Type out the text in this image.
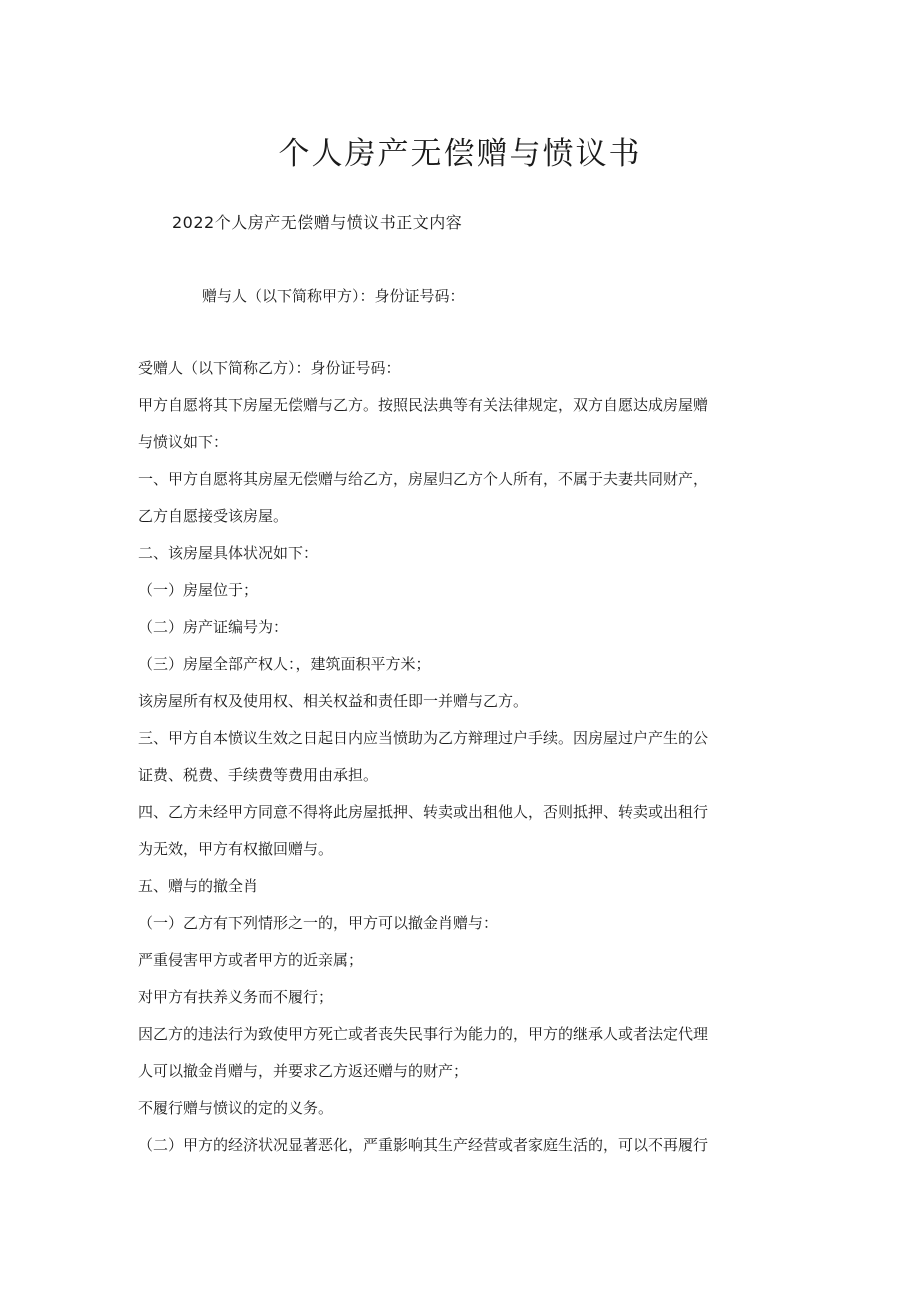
个人房产无偿赠与愤议书
2022个人房产无偿赠与愤议书正文内容
赠与人（以下简称甲方）：身份证号码：

受赠人（以下简称乙方）：身份证号码：

甲方自愿将其下房屋无偿赠与乙方。按照民法典等有关法律规定，双方自愿达成房屋赠

与愤议如下：

一、甲方自愿将其房屋无偿赠与给乙方，房屋归乙方个人所有，不属于夫妻共同财产，

乙方自愿接受该房屋。

二、该房屋具体状况如下：

（一）房屋位于；

（二）房产证编号为：

（三）房屋全部产权人：，建筑面积平方米；

该房屋所有权及使用权、相关权益和责任即一并赠与乙方。

三、甲方自本愤议生效之日起日内应当愤助为乙方辩理过户手续。因房屋过户产生的公

证费、税费、手续费等费用由承担。

四、乙方未经甲方同意不得将此房屋抵押、转卖或出租他人，否则抵押、转卖或出租行

为无效，甲方有权撤回赠与。

五、赠与的撤全肖

（一）乙方有下列情形之一的，甲方可以撤金肖赠与：

严重侵害甲方或者甲方的近亲属；

对甲方有扶养义务而不履行；

因乙方的违法行为致使甲方死亡或者丧失民事行为能力的，甲方的继承人或者法定代理

人可以撤金肖赠与，并要求乙方返还赠与的财产；

不履行赠与愤议的定的义务。

（二）甲方的经济状况显著恶化，严重影响其生产经营或者家庭生活的，可以不再履行
